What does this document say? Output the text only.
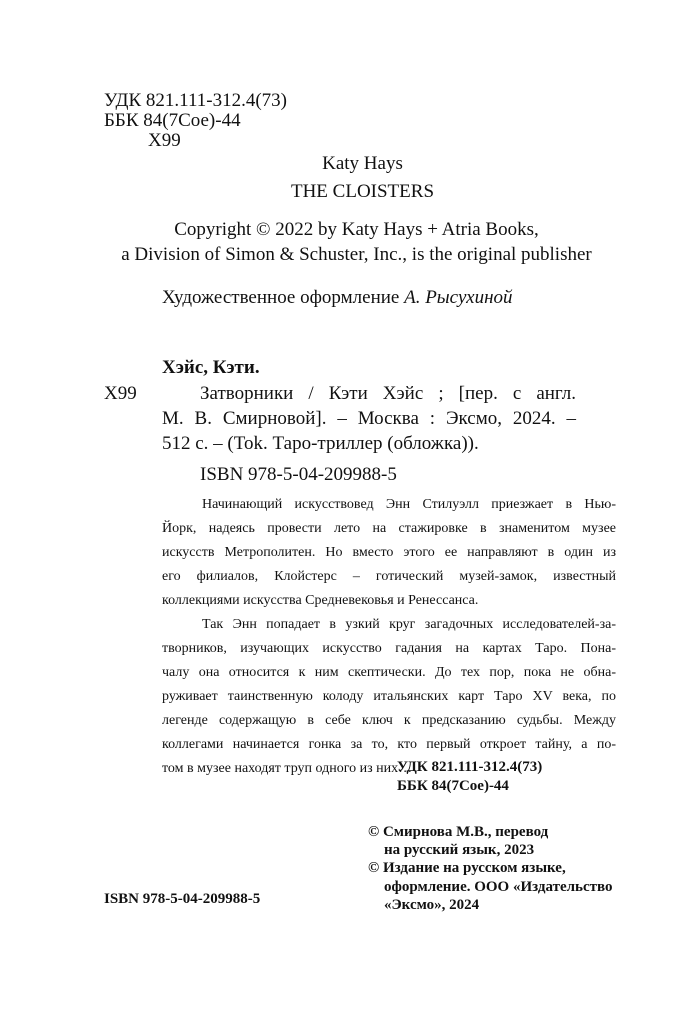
УДК 821.111-312.4(73)
ББК 84(7Сое)-44
Х99
Katy Hays
THE CLOISTERS
Copyright © 2022 by Katy Hays + Atria Books,
a Division of Simon & Schuster, Inc., is the original publisher
Художественное оформление А. Рысухиной
Хэйс, Кэти.
Х99	Затворники / Кэти Хэйс ; [пер. с англ.
М. В. Смирновой]. – Москва : Эксмо, 2024. –
512 с. – (Tok. Таро-триллер (обложка)).
ISBN 978-5-04-209988-5
Начинающий искусствовед Энн Стилуэлл приезжает в Нью-
Йорк, надеясь провести лето на стажировке в знаменитом музее
искусств Метрополитен. Но вместо этого ее направляют в один из
его филиалов, Клойстерс – готический музей-замок, известный
коллекциями искусства Средневековья и Ренессанса.
Так Энн попадает в узкий круг загадочных исследователей-за-
творников, изучающих искусство гадания на картах Таро. Пона-
чалу она относится к ним скептически. До тех пор, пока не обна-
руживает таинственную колоду итальянских карт Таро XV века, по
легенде содержащую в себе ключ к предсказанию судьбы. Между
коллегами начинается гонка за то, кто первый откроет тайну, а по-
том в музее находят труп одного из них…
УДК 821.111-312.4(73)
ББК 84(7Сое)-44
© Смирнова М.В., перевод
на русский язык, 2023
© Издание на русском языке,
оформление. ООО «Издательство
«Эксмо», 2024
ISBN 978-5-04-209988-5
